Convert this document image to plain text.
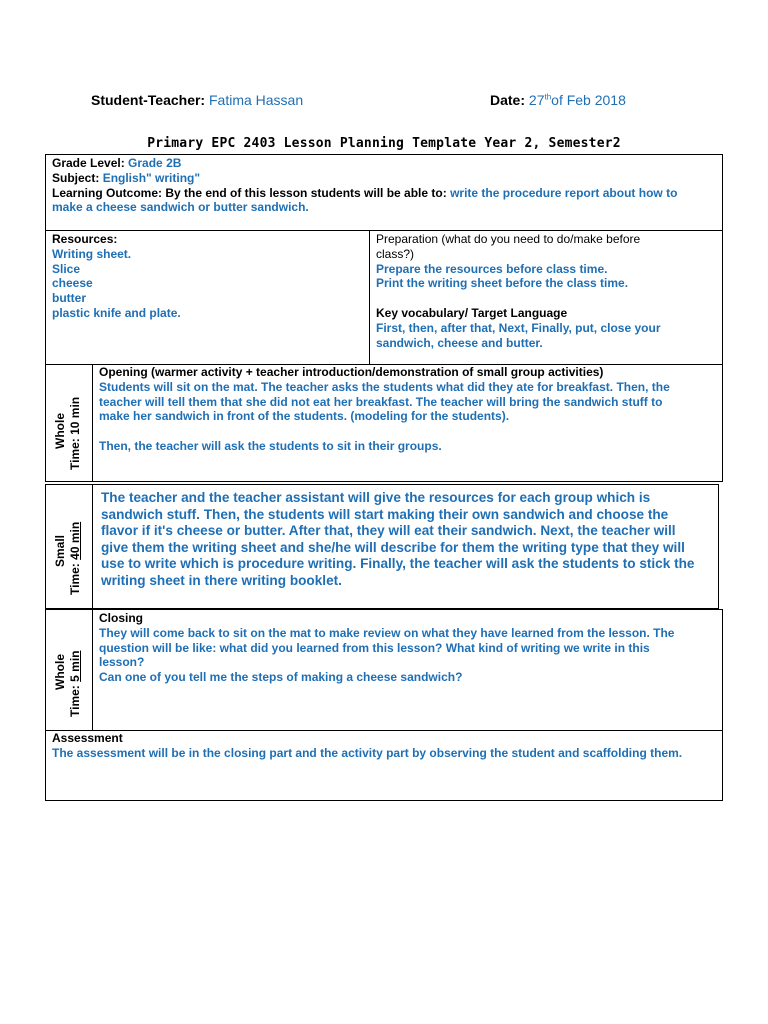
Student-Teacher: Fatima Hassan	Date: 27thof Feb 2018
Primary EPC 2403 Lesson Planning Template Year 2, Semester2

Grade Level: Grade 2B

Subject: English" writing"

Learning Outcome: By the end of this lesson students will be able to: write the procedure report about how to

make a cheese sandwich or butter sandwich.

Resources:

Writing sheet.

Slice

cheese

butter

plastic knife and plate.

Preparation (what do you need to do/make before

class?)

Prepare the resources before class time.

Print the writing sheet before the class time.

Key vocabulary/ Target Language

First, then, after that, Next, Finally, put, close your

sandwich, cheese and butter.

Whole Time: 10 min

Opening (warmer activity + teacher introduction/demonstration of small group activities)

Students will sit on the mat. The teacher asks the students what did they ate for breakfast. Then, the

teacher will tell them that she did not eat her breakfast. The teacher will bring the sandwich stuff to

make her sandwich in front of the students. (modeling for the students).

Then, the teacher will ask the students to sit in their groups.

Small
Time: 40 min

The teacher and the teacher assistant will give the resources for each group which is

sandwich stuff. Then, the students will start making their own sandwich and choose the

flavor if it's cheese or butter. After that, they will eat their sandwich. Next, the teacher will

give them the writing sheet and she/he will describe for them the writing type that they will

use to write which is procedure writing. Finally, the teacher will ask the students to stick the

writing sheet in there writing booklet.

Whole
Time: 5 min

Closing

They will come back to sit on the mat to make review on what they have learned from the lesson. The

question will be like: what did you learned from this lesson? What kind of writing we write in this

lesson?

Can one of you tell me the steps of making a cheese sandwich?

Assessment

The assessment will be in the closing part and the activity part by observing the student and scaffolding them.
